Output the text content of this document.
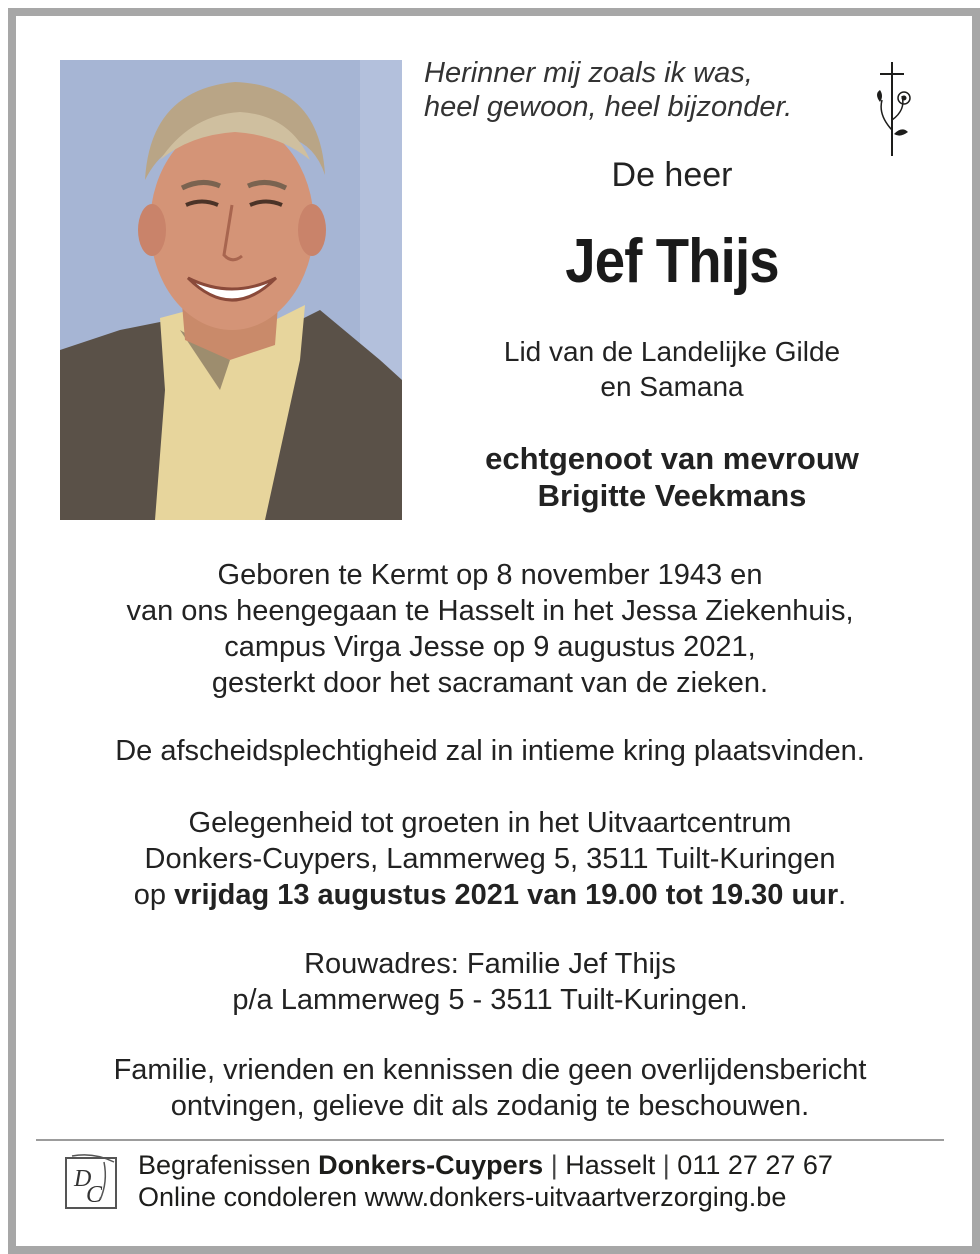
Herinner mij zoals ik was,
heel gewoon, heel bijzonder.
De heer
Jef Thijs
Lid van de Landelijke Gilde
en Samana
echtgenoot van mevrouw
Brigitte Veekmans

Geboren te Kermt op 8 november 1943 en

van ons heengegaan te Hasselt in het Jessa Ziekenhuis,

campus Virga Jesse op 9 augustus 2021,

gesterkt door het sacramant van de zieken.

De afscheidsplechtigheid zal in intieme kring plaatsvinden.

Gelegenheid tot groeten in het Uitvaartcentrum

Donkers-Cuypers, Lammerweg 5, 3511 Tuilt-Kuringen

op vrijdag 13 augustus 2021 van 19.00 tot 19.30 uur.

Rouwadres: Familie Jef Thijs

p/a Lammerweg 5 - 3511 Tuilt-Kuringen.

Familie, vrienden en kennissen die geen overlijdensbericht

ontvingen, gelieve dit als zodanig te beschouwen.

D
C
Begrafenissen Donkers-Cuypers | Hasselt | 011 27 27 67
Online condoleren www.donkers-uitvaartverzorging.be
